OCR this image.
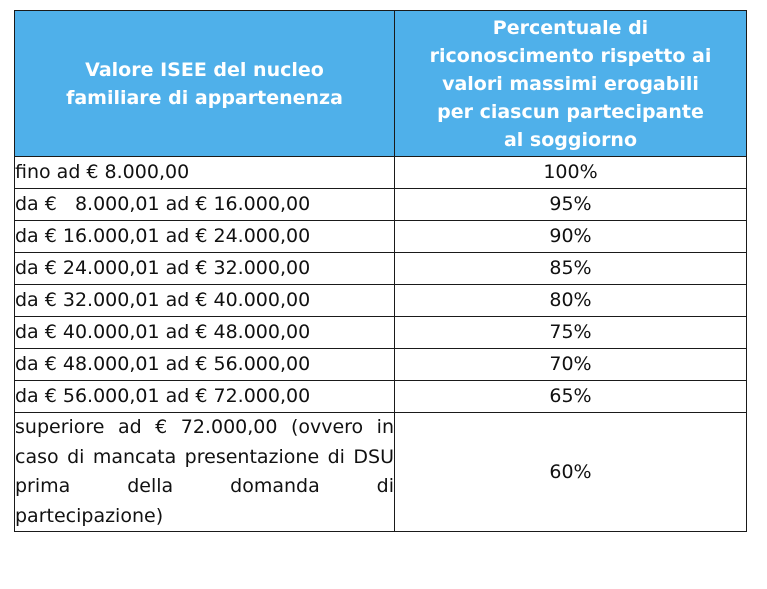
Valore ISEE del nucleo
familiare di appartenenza	Percentuale di
riconoscimento rispetto ai
valori massimi erogabili
per ciascun partecipante
al soggiorno

fino ad € 8.000,00	100%
da €   8.000,01 ad € 16.000,00	95%
da € 16.000,01 ad € 24.000,00	90%
da € 24.000,01 ad € 32.000,00	85%
da € 32.000,01 ad € 40.000,00	80%
da € 40.000,01 ad € 48.000,00	75%
da € 48.000,01 ad € 56.000,00	70%
da € 56.000,01 ad € 72.000,00	65%
superiore ad € 72.000,00 (ovvero in caso di mancata presentazione di DSU prima della domanda di partecipazione)	60%
